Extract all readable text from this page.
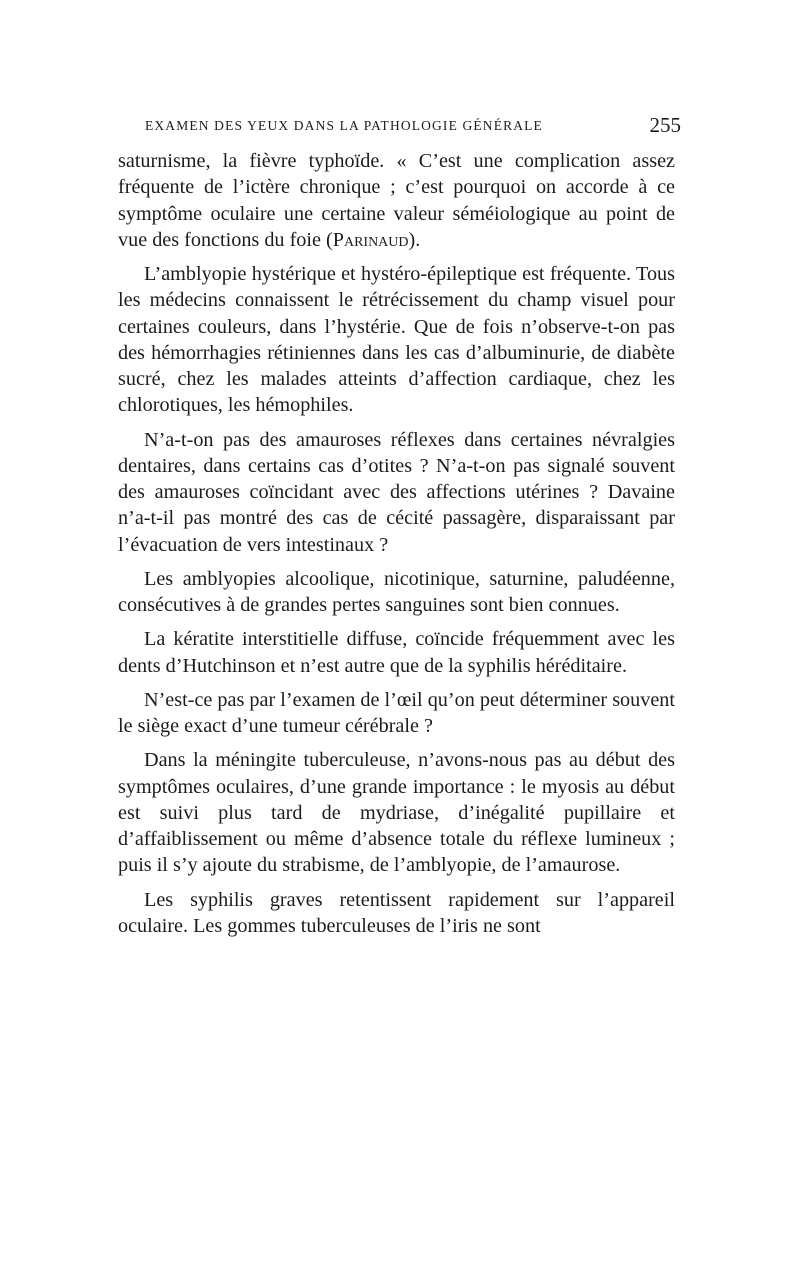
EXAMEN DES YEUX DANS LA PATHOLOGIE GÉNÉRALE	255

saturnisme, la fièvre typhoïde. « C’est une complication assez fréquente de l’ictère chronique ; c’est pourquoi on accorde à ce symptôme oculaire une certaine valeur séméiologique au point de vue des fonctions du foie (Parinaud).

L’amblyopie hystérique et hystéro-épileptique est fréquente. Tous les médecins connaissent le rétrécissement du champ visuel pour certaines couleurs, dans l’hystérie. Que de fois n’observe-t-on pas des hémorrhagies rétiniennes dans les cas d’albuminurie, de diabète sucré, chez les malades atteints d’affection cardiaque, chez les chlorotiques, les hémophiles.

N’a-t-on pas des amauroses réflexes dans certaines névralgies dentaires, dans certains cas d’otites ? N’a-t-on pas signalé souvent des amauroses coïncidant avec des affections utérines ? Davaine n’a-t-il pas montré des cas de cécité passagère, disparaissant par l’évacuation de vers intestinaux ?

Les amblyopies alcoolique, nicotinique, saturnine, paludéenne, consécutives à de grandes pertes sanguines sont bien connues.

La kératite interstitielle diffuse, coïncide fréquemment avec les dents d’Hutchinson et n’est autre que de la syphilis héréditaire.

N’est-ce pas par l’examen de l’œil qu’on peut déterminer souvent le siège exact d’une tumeur cérébrale ?

Dans la méningite tuberculeuse, n’avons-nous pas au début des symptômes oculaires, d’une grande importance : le myosis au début est suivi plus tard de mydriase, d’inégalité pupillaire et d’affaiblissement ou même d’absence totale du réflexe lumineux ; puis il s’y ajoute du strabisme, de l’amblyopie, de l’amaurose.

Les syphilis graves retentissent rapidement sur l’appareil oculaire. Les gommes tuberculeuses de l’iris ne sont
